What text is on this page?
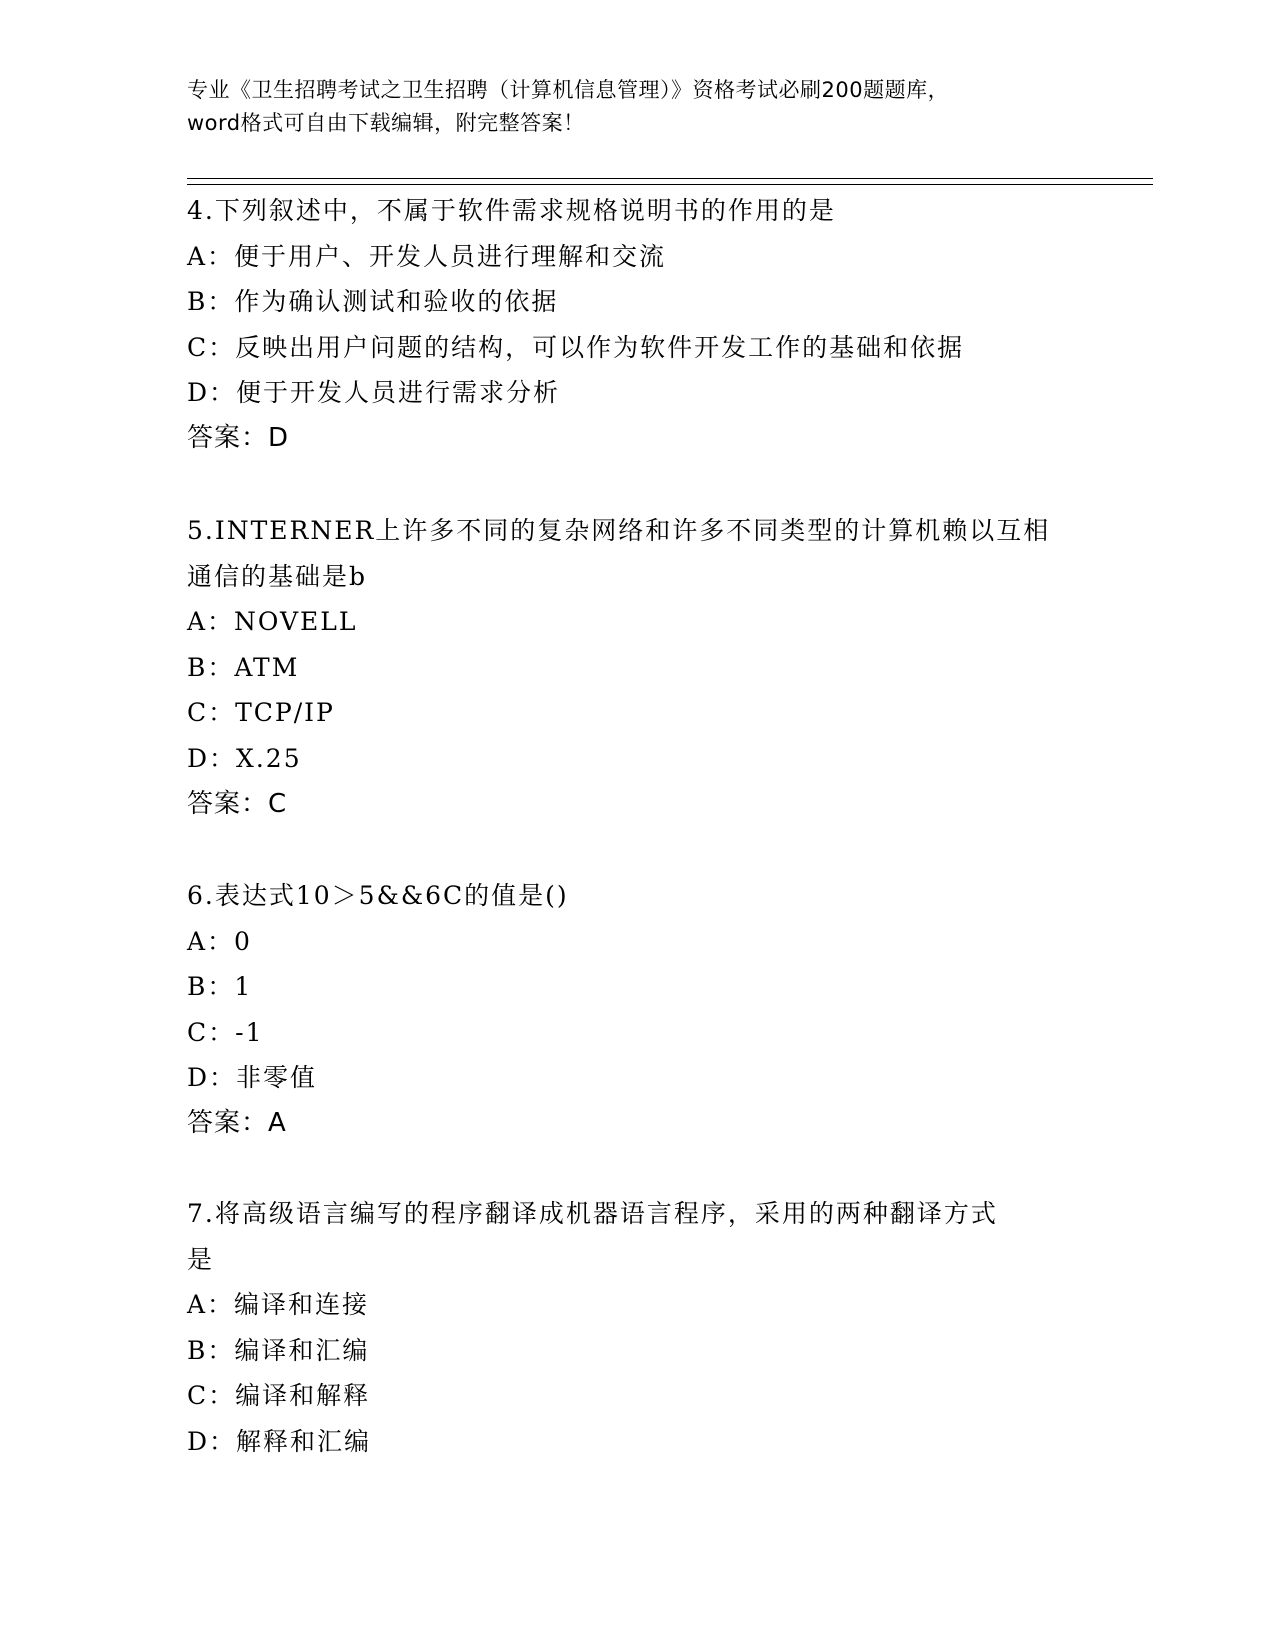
专业《卫生招聘考试之卫生招聘（计算机信息管理）》资格考试必刷200题题库，
word格式可自由下载编辑，附完整答案！
4.下列叙述中，不属于软件需求规格说明书的作用的是
A：便于用户、开发人员进行理解和交流
B：作为确认测试和验收的依据
C：反映出用户问题的结构，可以作为软件开发工作的基础和依据
D：便于开发人员进行需求分析
答案：D
5.INTERNER上许多不同的复杂网络和许多不同类型的计算机赖以互相
通信的基础是b
A：NOVELL
B：ATM
C：TCP/IP
D：X.25
答案：C
6.表达式10＞5&&6C的值是()
A：0
B：1
C：-1
D：非零值
答案：A
7.将高级语言编写的程序翻译成机器语言程序，采用的两种翻译方式
是
A：编译和连接
B：编译和汇编
C：编译和解释
D：解释和汇编
